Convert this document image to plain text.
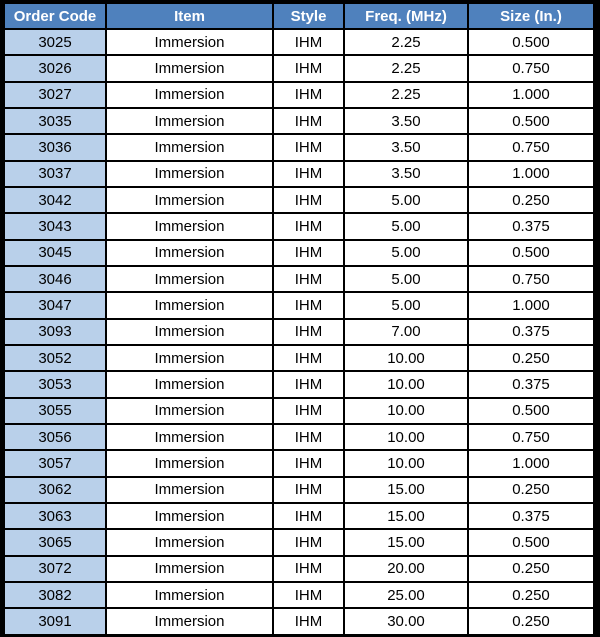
Order Code	Item	Style	Freq. (MHz)	Size (In.)
3025	Immersion	IHM	2.25	0.500
3026	Immersion	IHM	2.25	0.750
3027	Immersion	IHM	2.25	1.000
3035	Immersion	IHM	3.50	0.500
3036	Immersion	IHM	3.50	0.750
3037	Immersion	IHM	3.50	1.000
3042	Immersion	IHM	5.00	0.250
3043	Immersion	IHM	5.00	0.375
3045	Immersion	IHM	5.00	0.500
3046	Immersion	IHM	5.00	0.750
3047	Immersion	IHM	5.00	1.000
3093	Immersion	IHM	7.00	0.375
3052	Immersion	IHM	10.00	0.250
3053	Immersion	IHM	10.00	0.375
3055	Immersion	IHM	10.00	0.500
3056	Immersion	IHM	10.00	0.750
3057	Immersion	IHM	10.00	1.000
3062	Immersion	IHM	15.00	0.250
3063	Immersion	IHM	15.00	0.375
3065	Immersion	IHM	15.00	0.500
3072	Immersion	IHM	20.00	0.250
3082	Immersion	IHM	25.00	0.250
3091	Immersion	IHM	30.00	0.250
